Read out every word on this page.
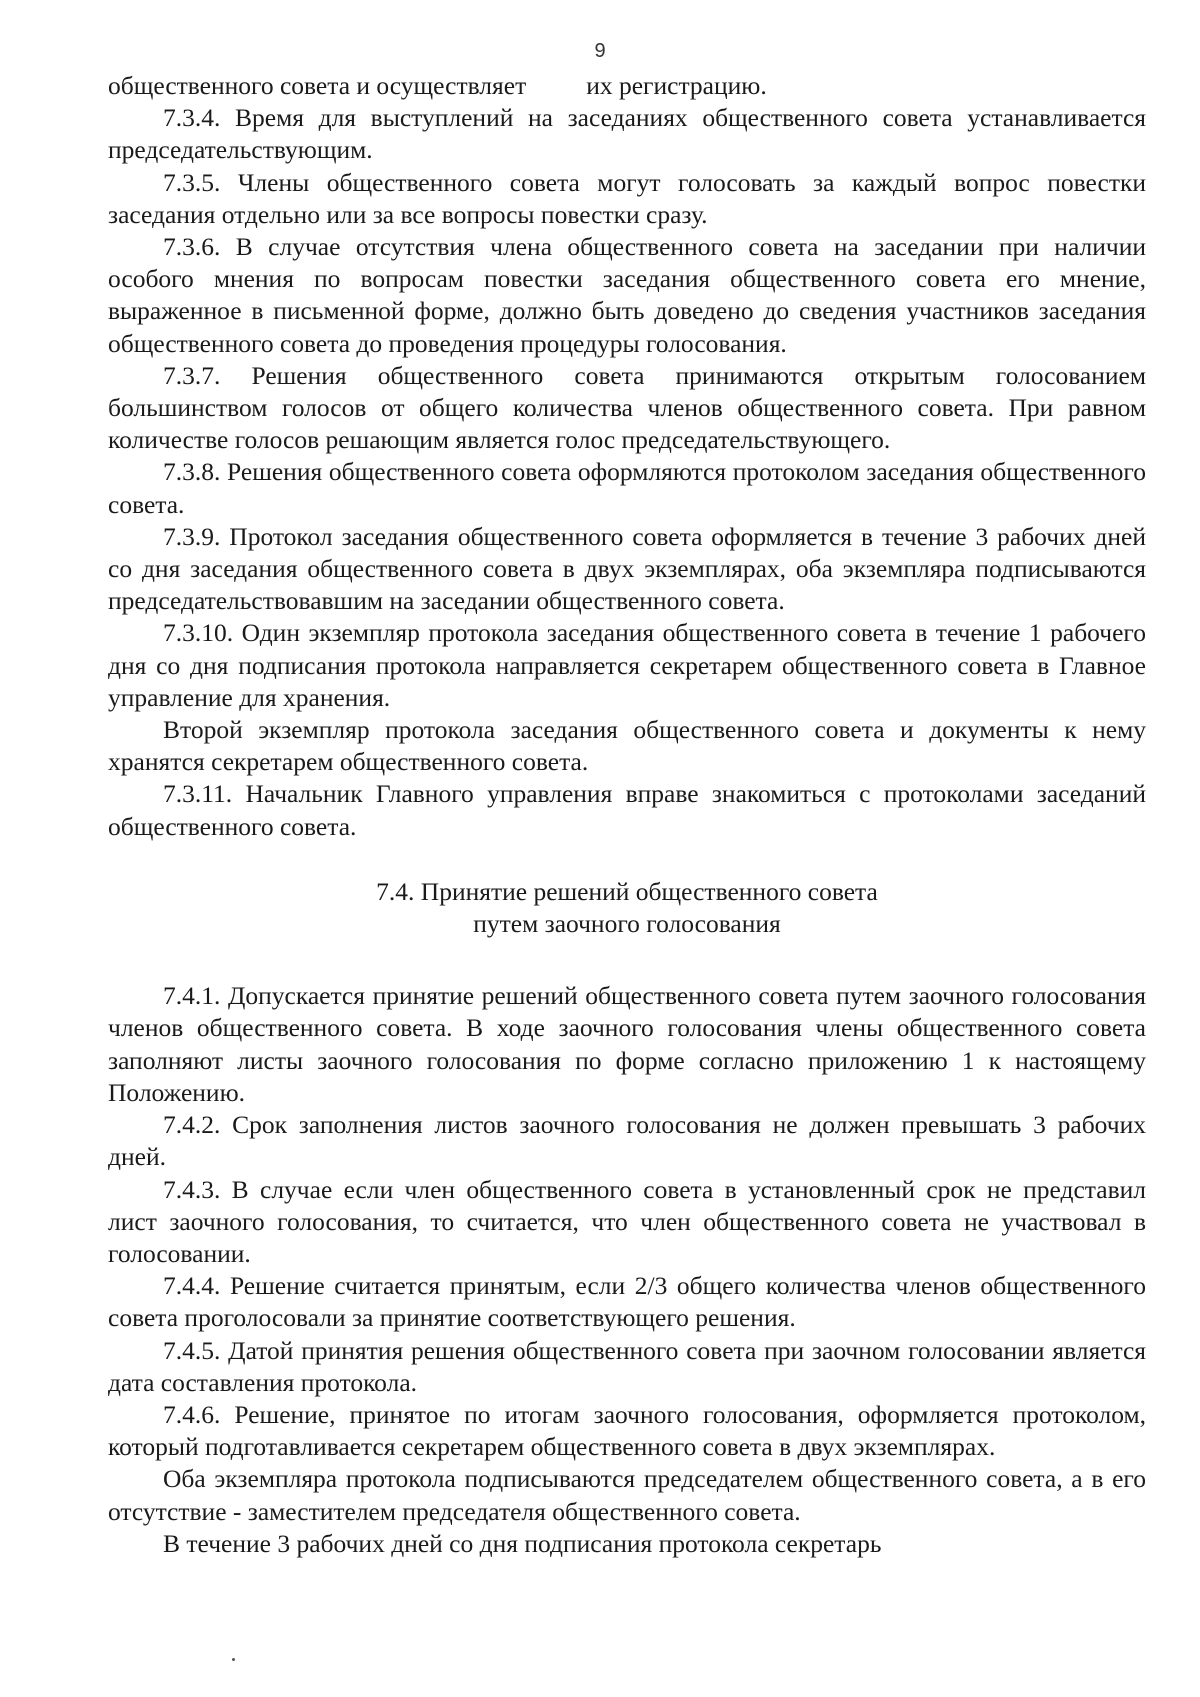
9

общественного совета и осуществляет их регистрацию.

7.3.4. Время для выступлений на заседаниях общественного совета устанавливается председательствующим.

7.3.5. Члены общественного совета могут голосовать за каждый вопрос повестки заседания отдельно или за все вопросы повестки сразу.

7.3.6. В случае отсутствия члена общественного совета на заседании при наличии особого мнения по вопросам повестки заседания общественного совета его мнение, выраженное в письменной форме, должно быть доведено до сведения участников заседания общественного совета до проведения процедуры голосования.

7.3.7. Решения общественного совета принимаются открытым голосованием большинством голосов от общего количества членов общественного совета. При равном количестве голосов решающим является голос председательствующего.

7.3.8. Решения общественного совета оформляются протоколом заседания общественного совета.

7.3.9. Протокол заседания общественного совета оформляется в течение 3 рабочих дней со дня заседания общественного совета в двух экземплярах, оба экземпляра подписываются председательствовавшим на заседании общественного совета.

7.3.10. Один экземпляр протокола заседания общественного совета в течение 1 рабочего дня со дня подписания протокола направляется секретарем общественного совета в Главное управление для хранения.

Второй экземпляр протокола заседания общественного совета и документы к нему хранятся секретарем общественного совета.

7.3.11. Начальник Главного управления вправе знакомиться с протоколами заседаний общественного совета.

7.4. Принятие решений общественного совета
путем заочного голосования

7.4.1. Допускается принятие решений общественного совета путем заочного голосования членов общественного совета. В ходе заочного голосования члены общественного совета заполняют листы заочного голосования по форме согласно приложению 1 к настоящему Положению.

7.4.2. Срок заполнения листов заочного голосования не должен превышать 3 рабочих дней.

7.4.3. В случае если член общественного совета в установленный срок не представил лист заочного голосования, то считается, что член общественного совета не участвовал в голосовании.

7.4.4. Решение считается принятым, если 2/3 общего количества членов общественного совета проголосовали за принятие соответствующего решения.

7.4.5. Датой принятия решения общественного совета при заочном голосовании является дата составления протокола.

7.4.6. Решение, принятое по итогам заочного голосования, оформляется протоколом, который подготавливается секретарем общественного совета в двух экземплярах.

Оба экземпляра протокола подписываются председателем общественного совета, а в его отсутствие - заместителем председателя общественного совета.

В течение 3 рабочих дней со дня подписания протокола секретарь
